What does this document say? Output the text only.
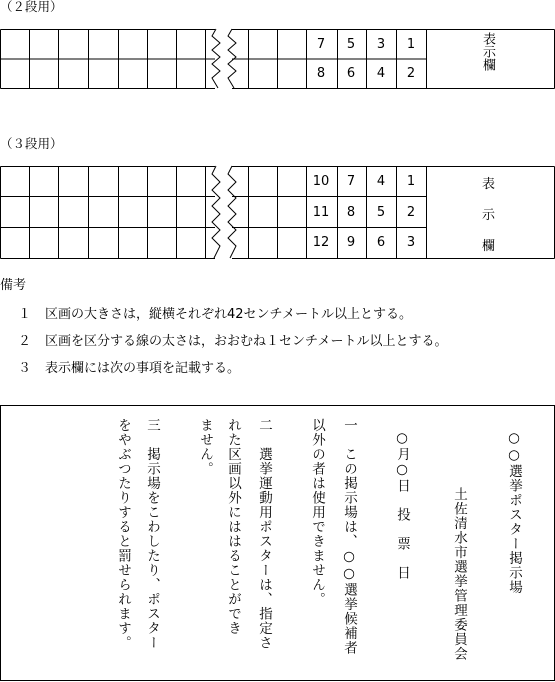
（２段用）
7	5	3	1
8	6	4	2
表示欄
（３段用）
10	7	4	1
11	8	5	2
12	9	6	3
表
示
欄
備考
１ 区画の大きさは，縦横それぞれ42センチメートル以上とする。
２ 区画を区分する線の太さは，おおむね１センチメートル以上とする。
３ 表示欄には次の事項を記載する。
○○選挙ポスター掲示場
土佐清水市選挙管理委員会
○月○日　投　票　日
一　この掲示場は、○○選挙候補者
以外の者は使用できません。
二　選挙運動用ポスターは、指定さ
れた区画以外にははることができ
ません。
三　掲示場をこわしたり、ポスター
をやぶつたりすると罰せられます。
